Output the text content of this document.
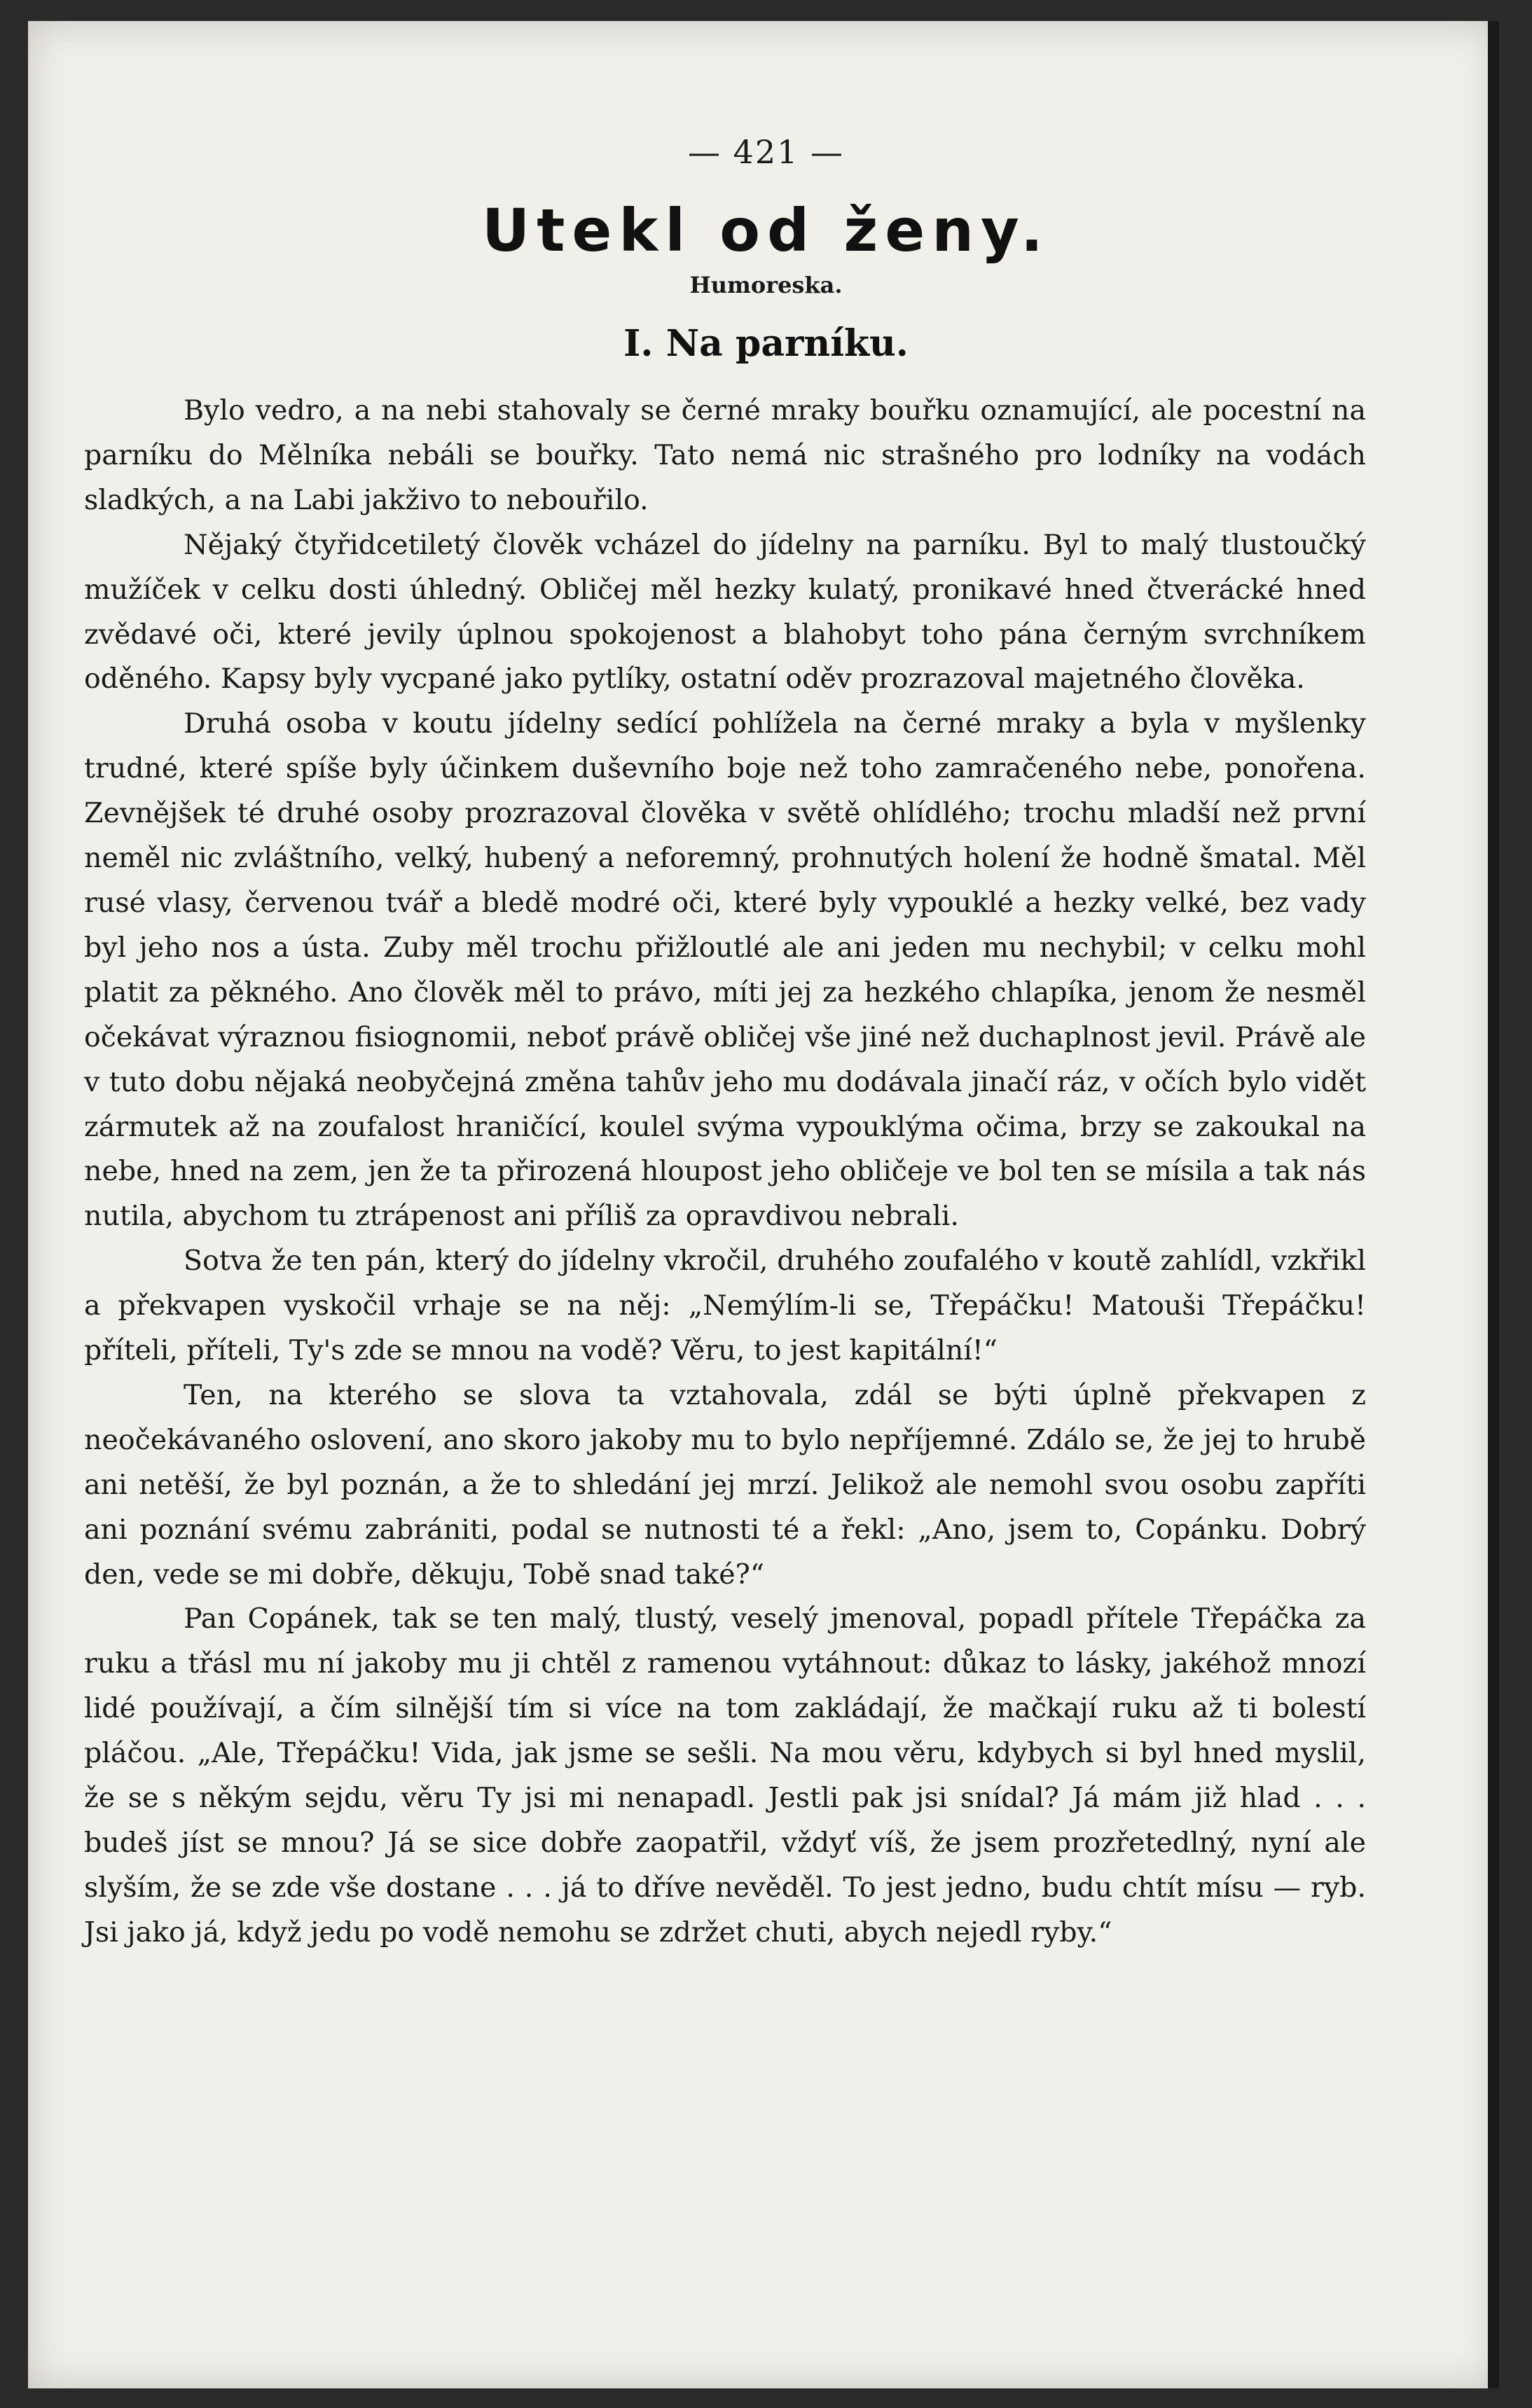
— 421 —
Utekl od ženy.
Humoreska.
I. Na parníku.

Bylo vedro, a na nebi stahovaly se černé mraky bouřku oznamující, ale pocestní na parníku do Mělníka nebáli se bouřky. Tato nemá nic strašného pro lodníky na vodách sladkých, a na Labi jakživo to nebouřilo.

Nějaký čtyřidcetiletý člověk vcházel do jídelny na parníku. Byl to malý tlustoučký mužíček v celku dosti úhledný. Obličej měl hezky kulatý, pronikavé hned čtverácké hned zvědavé oči, které jevily úplnou spokojenost a blahobyt toho pána černým svrchníkem oděného. Kapsy byly vycpané jako pytlíky, ostatní oděv prozrazoval majetného člověka.

Druhá osoba v koutu jídelny sedící pohlížela na černé mraky a byla v myšlenky trudné, které spíše byly účinkem duševního boje než toho zamračeného nebe, ponořena. Zevnějšek té druhé osoby prozrazoval člověka v světě ohlídlého; trochu mladší než první neměl nic zvláštního, velký, hubený a neforemný, prohnutých holení že hodně šmatal. Měl rusé vlasy, červenou tvář a bledě modré oči, které byly vypouklé a hezky velké, bez vady byl jeho nos a ústa. Zuby měl trochu přižloutlé ale ani jeden mu nechybil; v celku mohl platit za pěkného. Ano člověk měl to právo, míti jej za hezkého chlapíka, jenom že nesměl očekávat výraznou fisiognomii, neboť právě obličej vše jiné než duchaplnost jevil. Právě ale v tuto dobu nějaká neobyčejná změna tahův jeho mu dodávala jinačí ráz, v očích bylo vidět zármutek až na zoufalost hraničící, koulel svýma vypouklýma očima, brzy se zakoukal na nebe, hned na zem, jen že ta přirozená hloupost jeho obličeje ve bol ten se mísila a tak nás nutila, abychom tu ztrápenost ani příliš za opravdivou nebrali.

Sotva že ten pán, který do jídelny vkročil, druhého zoufalého v koutě zahlídl, vzkřikl a překvapen vyskočil vrhaje se na něj: „Nemýlím-li se, Třepáčku! Matouši Třepáčku! příteli, příteli, Ty's zde se mnou na vodě? Věru, to jest kapitální!“

Ten, na kterého se slova ta vztahovala, zdál se býti úplně překvapen z neočekávaného oslovení, ano skoro jakoby mu to bylo nepříjemné. Zdálo se, že jej to hrubě ani netěší, že byl poznán, a že to shledání jej mrzí. Jelikož ale nemohl svou osobu zapříti ani poznání svému zabrániti, podal se nutnosti té a řekl: „Ano, jsem to, Copánku. Dobrý den, vede se mi dobře, děkuju, Tobě snad také?“

Pan Copánek, tak se ten malý, tlustý, veselý jmenoval, popadl přítele Třepáčka za ruku a třásl mu ní jakoby mu ji chtěl z ramenou vytáhnout: důkaz to lásky, jakéhož mnozí lidé používají, a čím silnější tím si více na tom zakládají, že mačkají ruku až ti bolestí pláčou. „Ale, Třepáčku! Vida, jak jsme se sešli. Na mou věru, kdybych si byl hned myslil, že se s někým sejdu, věru Ty jsi mi nenapadl. Jestli pak jsi snídal? Já mám již hlad . . . budeš jíst se mnou? Já se sice dobře zaopatřil, vždyť víš, že jsem prozřetedlný, nyní ale slyším, že se zde vše dostane . . . já to dříve nevěděl. To jest jedno, budu chtít mísu — ryb. Jsi jako já, když jedu po vodě nemohu se zdržet chuti, abych nejedl ryby.“
